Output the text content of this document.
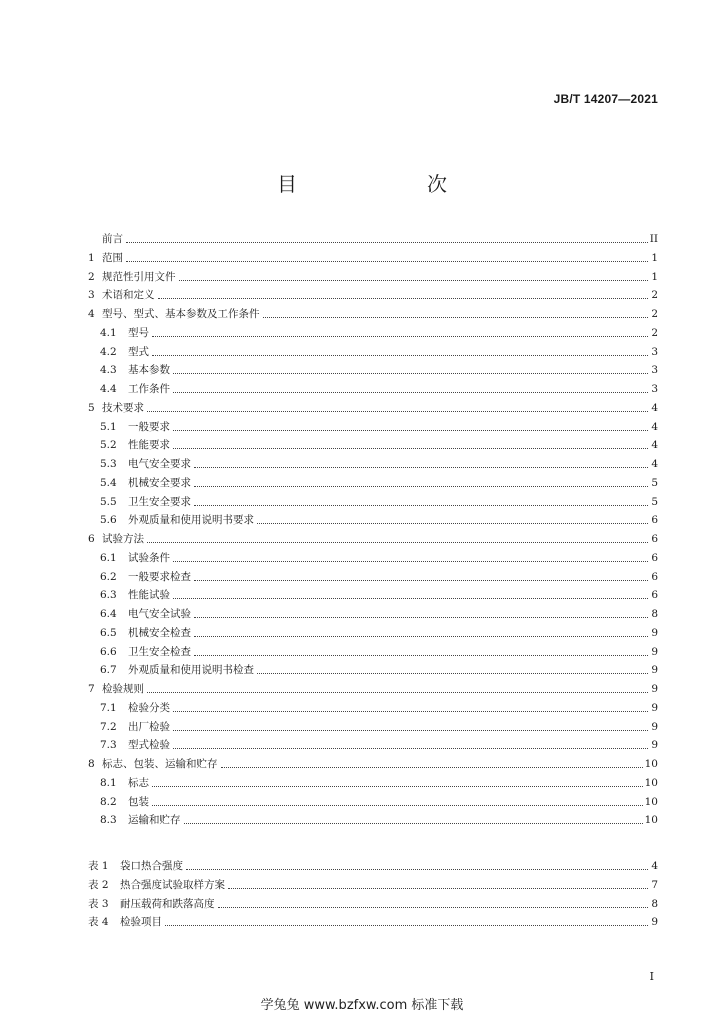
JB/T 14207—2021
目　　次
前言	II
1 范围	1
2 规范性引用文件	1
3 术语和定义	2
4 型号、型式、基本参数及工作条件	2
4.1	型号	2
4.2	型式	3
4.3	基本参数	3
4.4	工作条件	3
5 技术要求	4
5.1	一般要求	4
5.2	性能要求	4
5.3	电气安全要求	4
5.4	机械安全要求	5
5.5	卫生安全要求	5
5.6	外观质量和使用说明书要求	6
6 试验方法	6
6.1	试验条件	6
6.2	一般要求检查	6
6.3	性能试验	6
6.4	电气安全试验	8
6.5	机械安全检查	9
6.6	卫生安全检查	9
6.7	外观质量和使用说明书检查	9
7 检验规则	9
7.1	检验分类	9
7.2	出厂检验	9
7.3	型式检验	9
8 标志、包装、运输和贮存	10
8.1	标志	10
8.2	包装	10
8.3	运输和贮存	10
表 1	袋口热合强度	4
表 2	热合强度试验取样方案	7
表 3	耐压载荷和跌落高度	8
表 4	检验项目	9
I
学兔兔 www.bzfxw.com 标准下载
